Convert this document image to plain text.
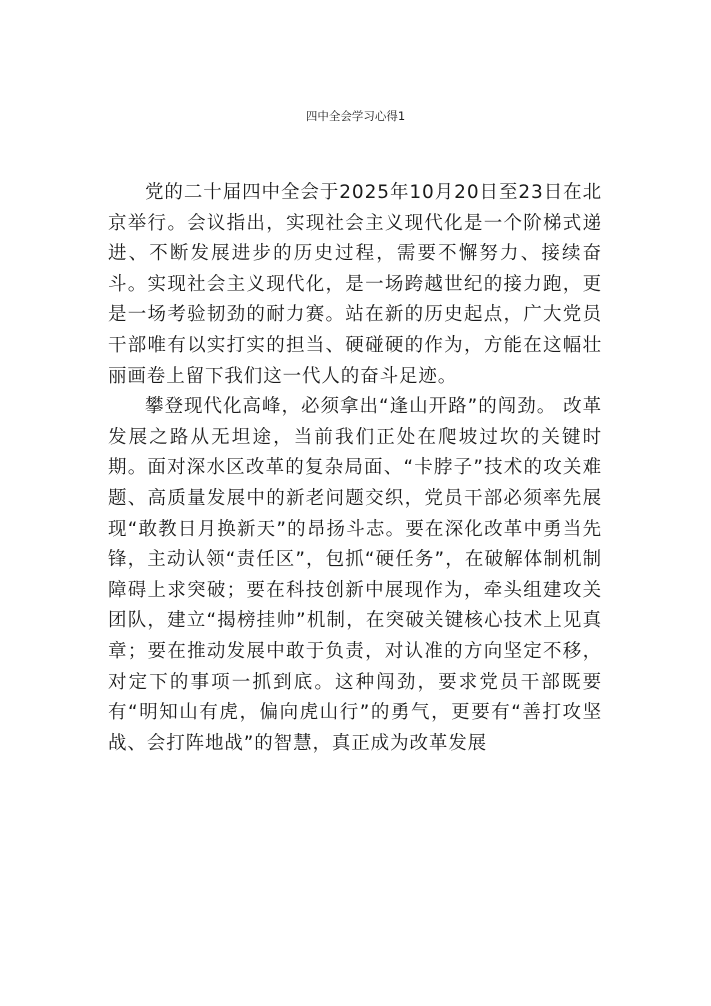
四中全会学习心得1

党的二十届四中全会于2025年10月20日至23日在北京举行。会议指出，实现社会主义现代化是一个阶梯式递进、不断发展进步的历史过程，需要不懈努力、接续奋斗。实现社会主义现代化，是一场跨越世纪的接力跑，更是一场考验韧劲的耐力赛。站在新的历史起点，广大党员干部唯有以实打实的担当、硬碰硬的作为，方能在这幅壮丽画卷上留下我们这一代人的奋斗足迹。

攀登现代化高峰，必须拿出“逢山开路”的闯劲。 改革发展之路从无坦途，当前我们正处在爬坡过坎的关键时期。面对深水区改革的复杂局面、“卡脖子”技术的攻关难题、高质量发展中的新老问题交织，党员干部必须率先展现“敢教日月换新天”的昂扬斗志。要在深化改革中勇当先锋，主动认领“责任区”，包抓“硬任务”，在破解体制机制障碍上求突破；要在科技创新中展现作为，牵头组建攻关团队，建立“揭榜挂帅”机制，在突破关键核心技术上见真章；要在推动发展中敢于负责，对认准的方向坚定不移，对定下的事项一抓到底。这种闯劲，要求党员干部既要有“明知山有虎，偏向虎山行”的勇气，更要有“善打攻坚战、会打阵地战”的智慧，真正成为改革发展
